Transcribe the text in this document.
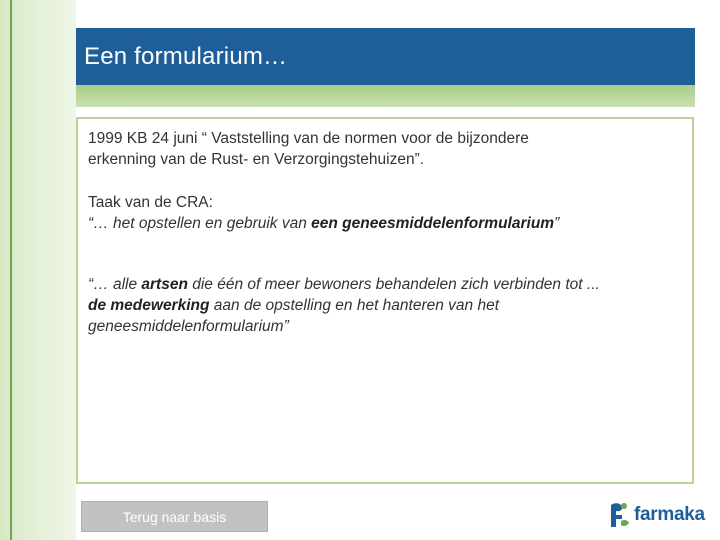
Een formularium…

1999 KB 24 juni “ Vaststelling van de normen voor de bijzondere

erkenning van de Rust- en Verzorgingstehuizen”.

Taak van de CRA:

“… het opstellen en gebruik van een geneesmiddelenformularium”

“… alle artsen die één of meer bewoners behandelen zich verbinden tot ...
de medewerking aan de opstelling en het hanteren van het
geneesmiddelenformularium”

Terug naar basis	farmaka
